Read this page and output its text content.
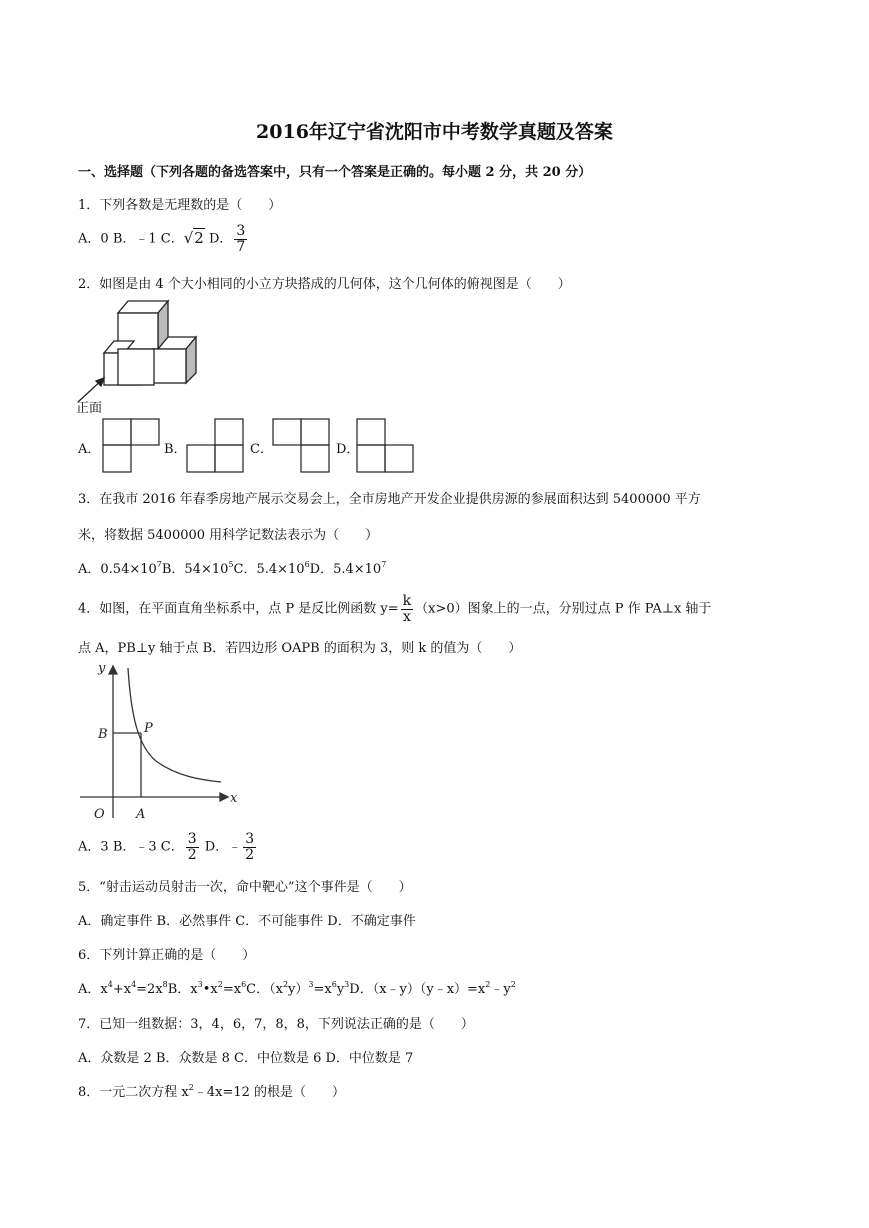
2016年辽宁省沈阳市中考数学真题及答案
一、选择题（下列各题的备选答案中，只有一个答案是正确的。每小题 2 分，共 20 分）
1．下列各数是无理数的是（　　）
A．0 B．﹣1 C．√2 D． $\frac{3}{7}$
2．如图是由 4 个大小相同的小立方块搭成的几何体，这个几何体的俯视图是（　　）
正面
A．	B．	C．	D．
3．在我市 2016 年春季房地产展示交易会上，全市房地产开发企业提供房源的参展面积达到 5400000 平方
米，将数据 5400000 用科学记数法表示为（　　）
A．$0.54\times 10^7B$．$54\times 10^5C$．$5.4\times 10^6D$．$5.4\times 10^7$
4．如图，在平面直角坐标系中，点 P 是反比例函数 $y= \frac{k}{x} (x>0)$图象上的一点，分别过点 P 作 PA⊥x 轴于
点 A，PB⊥y 轴于点 B．若四边形 OAPB 的面积为 3，则 k 的值为（　　）
y
x
O A
B	P
A．3 B．﹣3 C． $\frac{3}{2}$ D．﹣ $\frac{3}{2}$
5．“射击运动员射击一次，命中靶心”这个事件是（　　）
A．确定事件 B．必然事件 C．不可能事件 D．不确定事件
6．下列计算正确的是（　　）
A．$x^4+x^4=2x^8B$．$x^3•x^2=x^6C$．$(x^2y)^3=x^6y^3D$．$(x﹣y)(y﹣x)=x^2﹣y^2$
7．已知一组数据：3，4，6，7，8，8，下列说法正确的是（　　）
A．众数是 2 B．众数是 8 C．中位数是 6 D．中位数是 7
8．一元二次方程 $x^2﹣4x=12$ 的根是（　　）
